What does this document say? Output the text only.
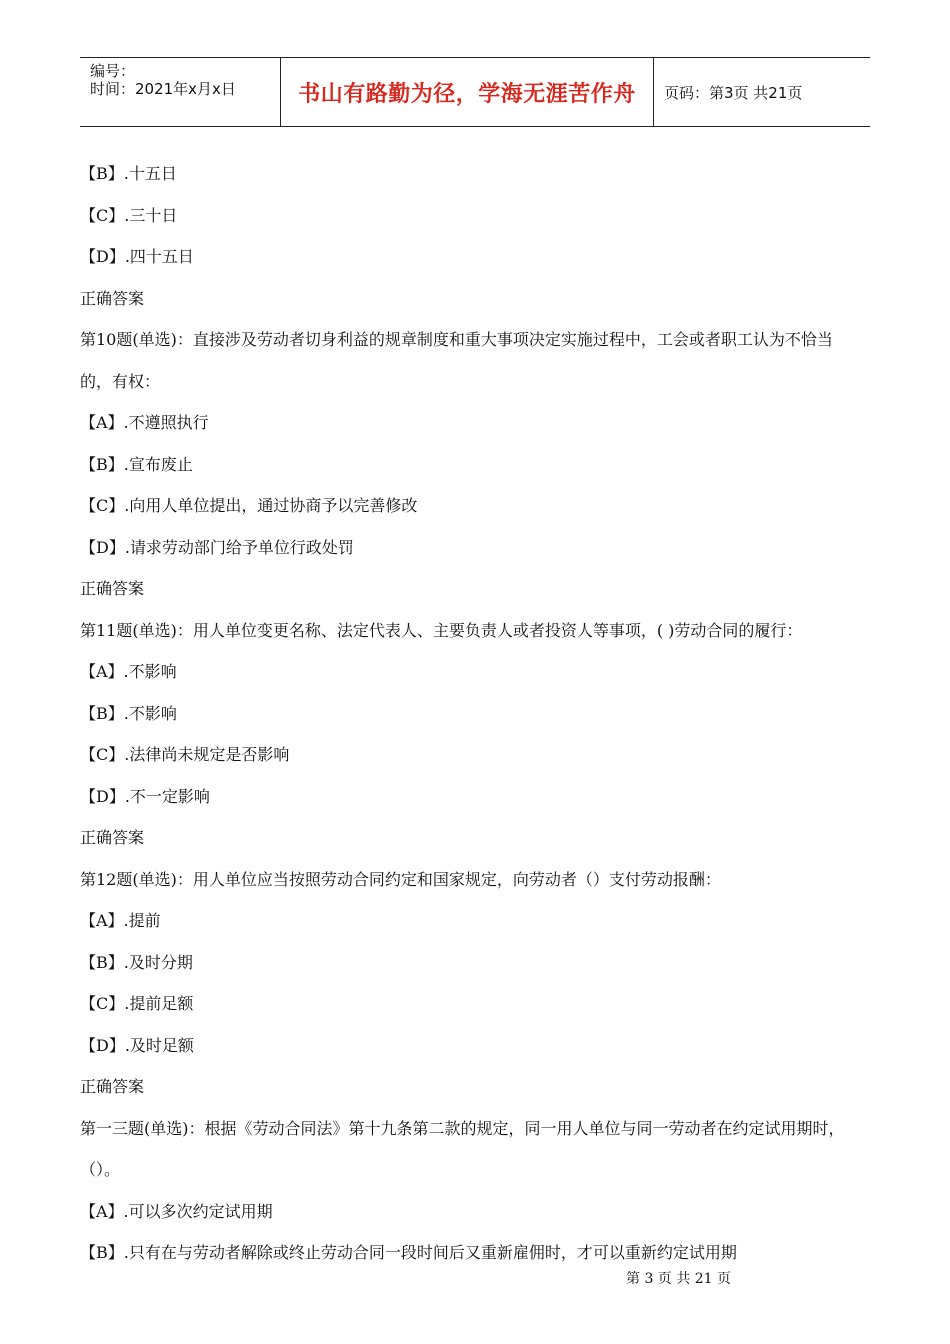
编号：
时间：2021年x月x日	书山有路勤为径，学海无涯苦作舟 页码：第3页 共21页
【B】.十五日
【C】.三十日
【D】.四十五日
正确答案
第10题(单选)：直接涉及劳动者切身利益的规章制度和重大事项决定实施过程中，工会或者职工认为不恰当
的，有权：
【A】.不遵照执行
【B】.宣布废止
【C】.向用人单位提出，通过协商予以完善修改
【D】.请求劳动部门给予单位行政处罚
正确答案
第11题(单选)：用人单位变更名称、法定代表人、主要负责人或者投资人等事项，( )劳动合同的履行：
【A】.不影响
【B】.不影响
【C】.法律尚未规定是否影响
【D】.不一定影响
正确答案
第12题(单选)：用人单位应当按照劳动合同约定和国家规定，向劳动者（）支付劳动报酬：
【A】.提前
【B】.及时分期
【C】.提前足额
【D】.及时足额
正确答案
第一三题(单选)：根据《劳动合同法》第十九条第二款的规定，同一用人单位与同一劳动者在约定试用期时，
（）。
【A】.可以多次约定试用期
【B】.只有在与劳动者解除或终止劳动合同一段时间后又重新雇佣时，才可以重新约定试用期
第 3 页 共 21 页
